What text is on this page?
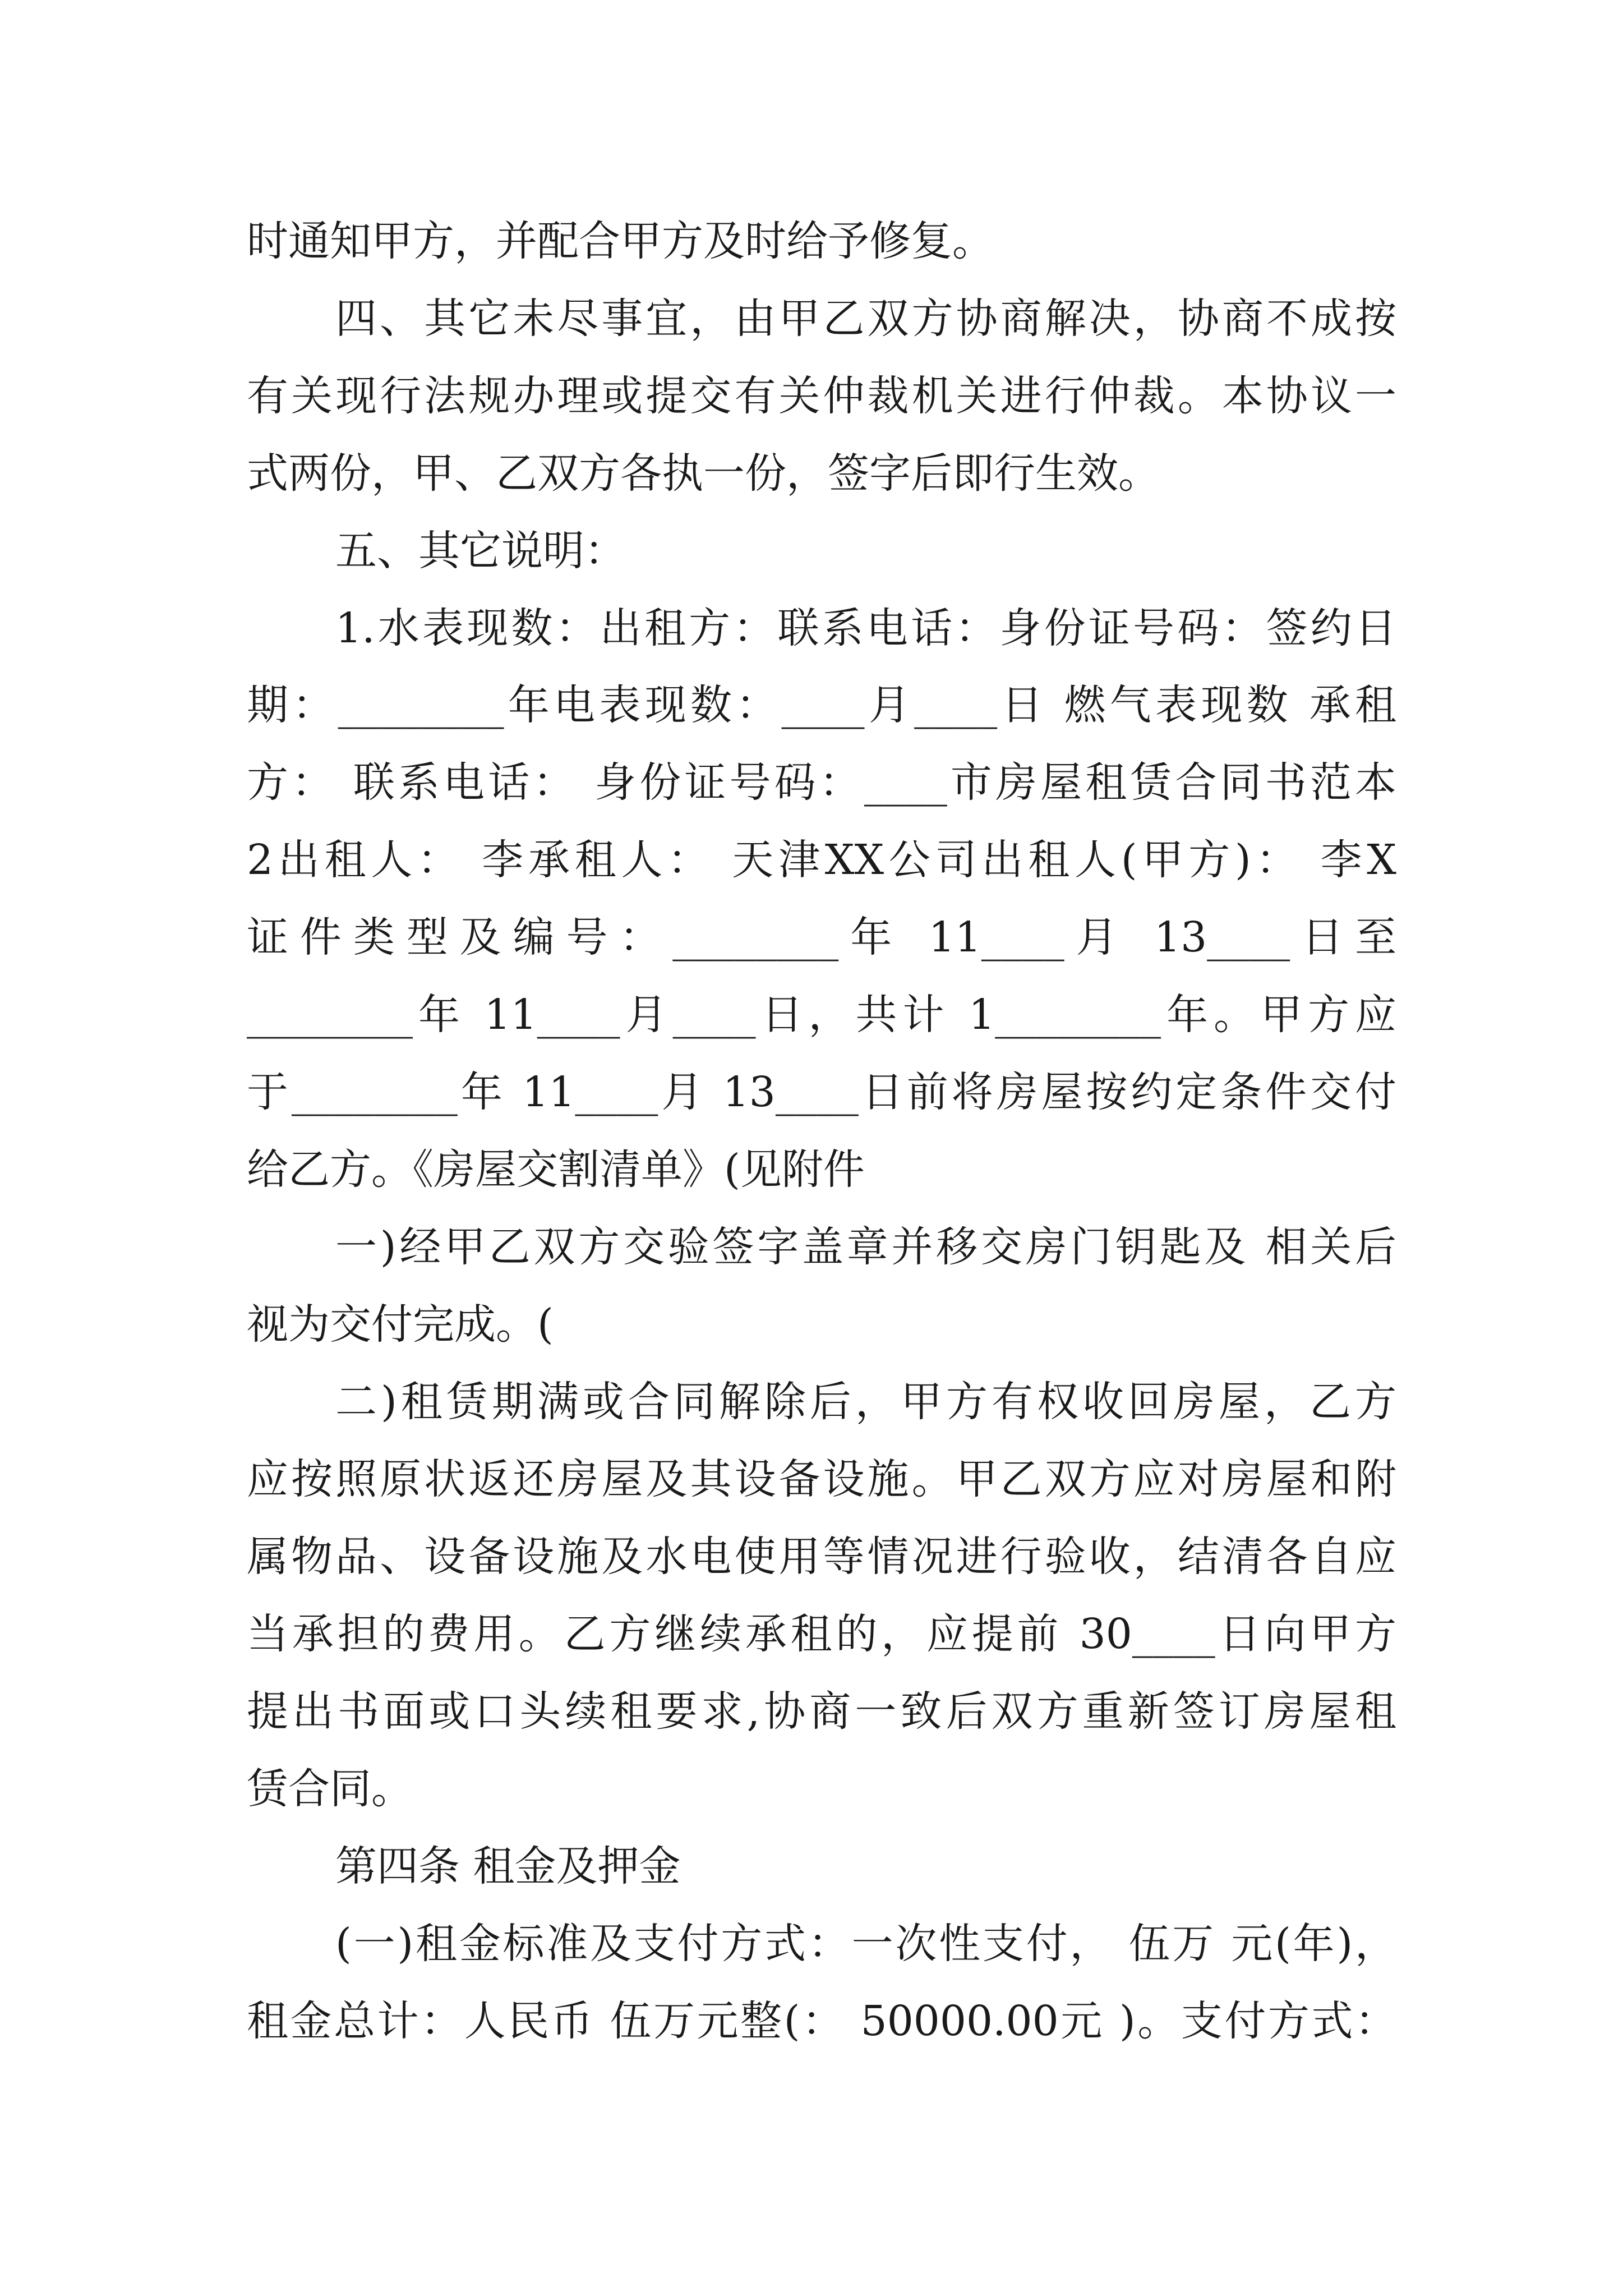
时通知甲方，并配合甲方及时给予修复。
四、其它未尽事宜，由甲乙双方协商解决，协商不成按
有关现行法规办理或提交有关仲裁机关进行仲裁。本协议一
式两份，甲、乙双方各执一份，签字后即行生效。
五、其它说明：
1.水表现数：出租方：联系电话：身份证号码：签约日
期：________年电表现数：____月____日 燃气表现数 承租
方： 联系电话： 身份证号码：____市房屋租赁合同书范本
2出租人： 李承租人： 天津XX公司出租人(甲方)： 李X
证件类型及编号：________年 11____月 13____日至
________年 11____月____日，共计 1________年。甲方应
于________年 11____月 13____日前将房屋按约定条件交付
给乙方。《房屋交割清单》(见附件
一)经甲乙双方交验签字盖章并移交房门钥匙及 相关后
视为交付完成。(
二)租赁期满或合同解除后，甲方有权收回房屋，乙方
应按照原状返还房屋及其设备设施。甲乙双方应对房屋和附
属物品、设备设施及水电使用等情况进行验收，结清各自应
当承担的费用。乙方继续承租的，应提前 30____日向甲方
提出书面或口头续租要求,协商一致后双方重新签订房屋租
赁合同。
第四条 租金及押金
(一)租金标准及支付方式：一次性支付， 伍万 元(年)，
租金总计：人民币 伍万元整(： 50000.00元 )。支付方式：
